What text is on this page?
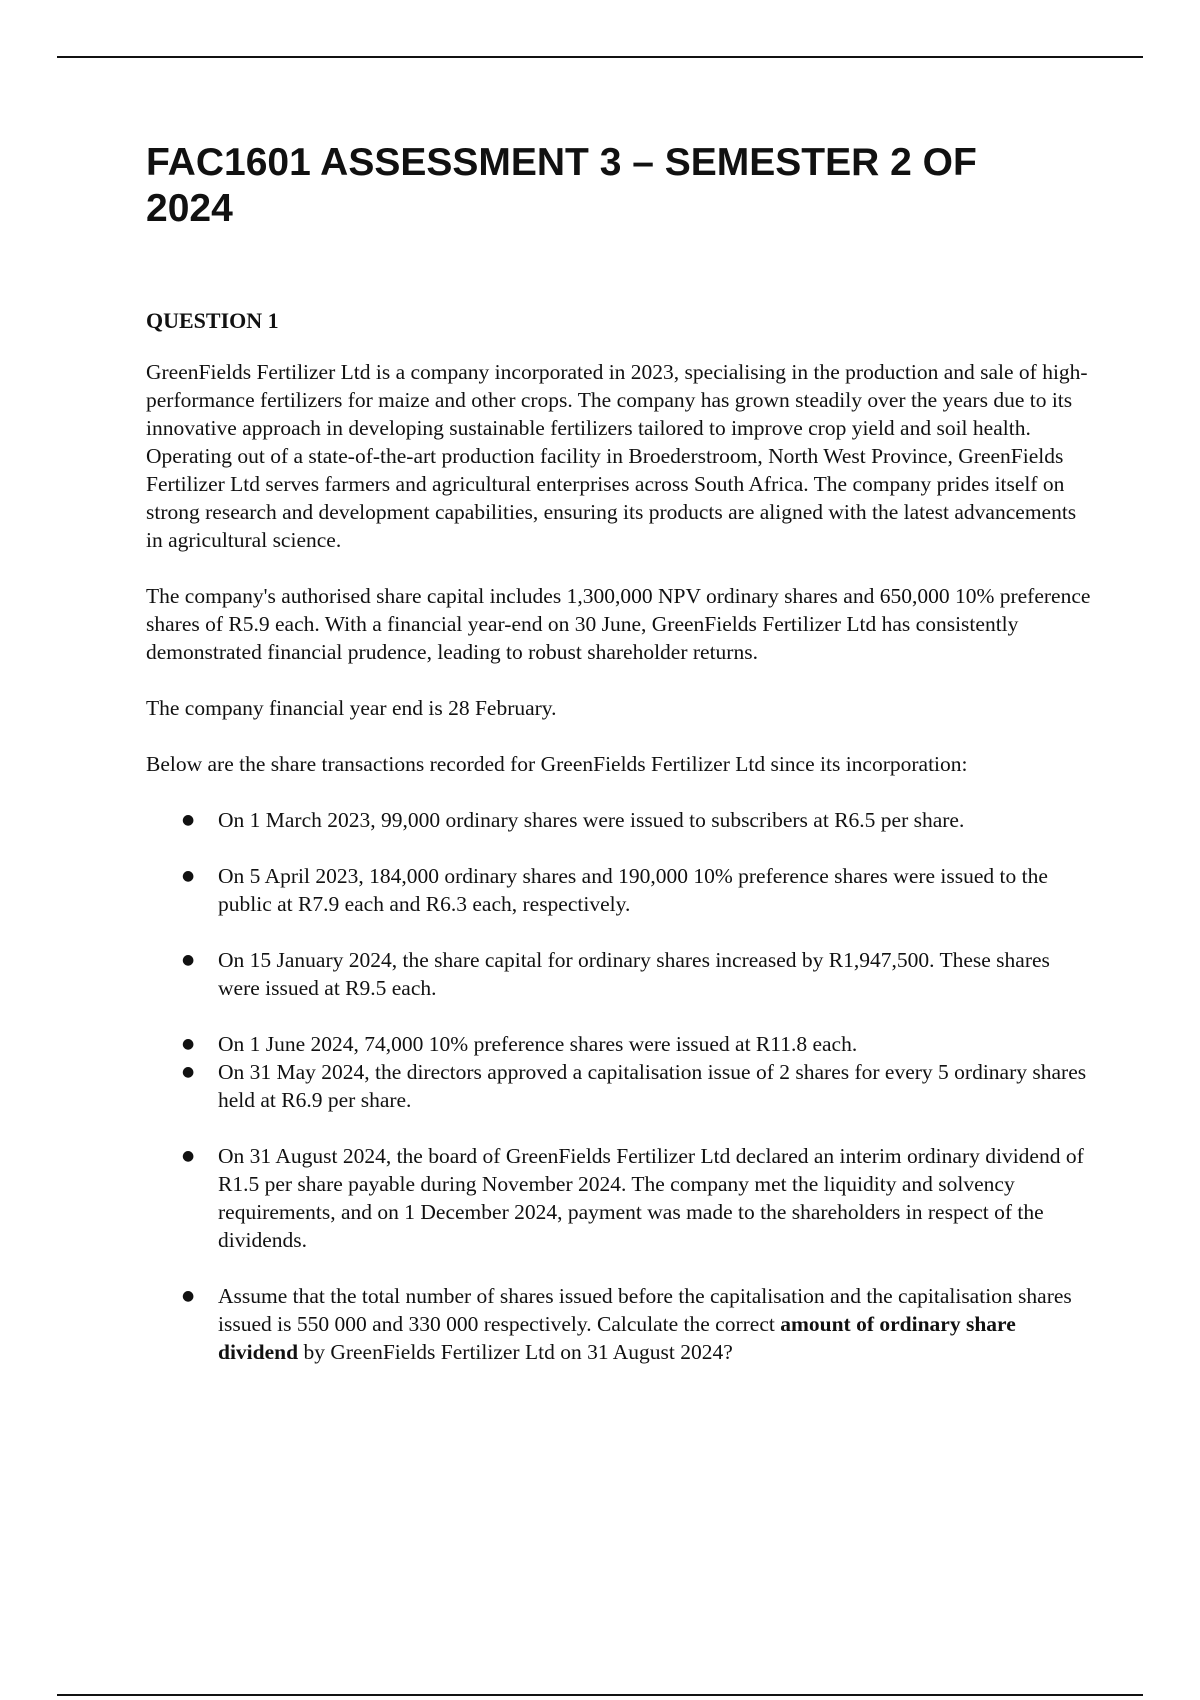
FAC1601 ASSESSMENT 3 – SEMESTER 2 OF 2024
QUESTION 1

GreenFields Fertilizer Ltd is a company incorporated in 2023, specialising in the production and sale of high-performance fertilizers for maize and other crops. The company has grown steadily over the years due to its innovative approach in developing sustainable fertilizers tailored to improve crop yield and soil health. Operating out of a state-of-the-art production facility in Broederstroom, North West Province, GreenFields Fertilizer Ltd serves farmers and agricultural enterprises across South Africa. The company prides itself on strong research and development capabilities, ensuring its products are aligned with the latest advancements in agricultural science.

The company's authorised share capital includes 1,300,000 NPV ordinary shares and 650,000 10% preference shares of R5.9 each. With a financial year-end on 30 June, GreenFields Fertilizer Ltd has consistently demonstrated financial prudence, leading to robust shareholder returns.

The company financial year end is 28 February.

Below are the share transactions recorded for GreenFields Fertilizer Ltd since its incorporation:

● On 1 March 2023, 99,000 ordinary shares were issued to subscribers at R6.5 per share.
● On 5 April 2023, 184,000 ordinary shares and 190,000 10% preference shares were issued to the public at R7.9 each and R6.3 each, respectively.
● On 15 January 2024, the share capital for ordinary shares increased by R1,947,500. These shares were issued at R9.5 each.
● On 1 June 2024, 74,000 10% preference shares were issued at R11.8 each.
● On 31 May 2024, the directors approved a capitalisation issue of 2 shares for every 5 ordinary shares held at R6.9 per share.
● On 31 August 2024, the board of GreenFields Fertilizer Ltd declared an interim ordinary dividend of R1.5 per share payable during November 2024. The company met the liquidity and solvency requirements, and on 1 December 2024, payment was made to the shareholders in respect of the dividends.
● Assume that the total number of shares issued before the capitalisation and the capitalisation shares issued is 550 000 and 330 000 respectively. Calculate the correct amount of ordinary share dividend by GreenFields Fertilizer Ltd on 31 August 2024?
